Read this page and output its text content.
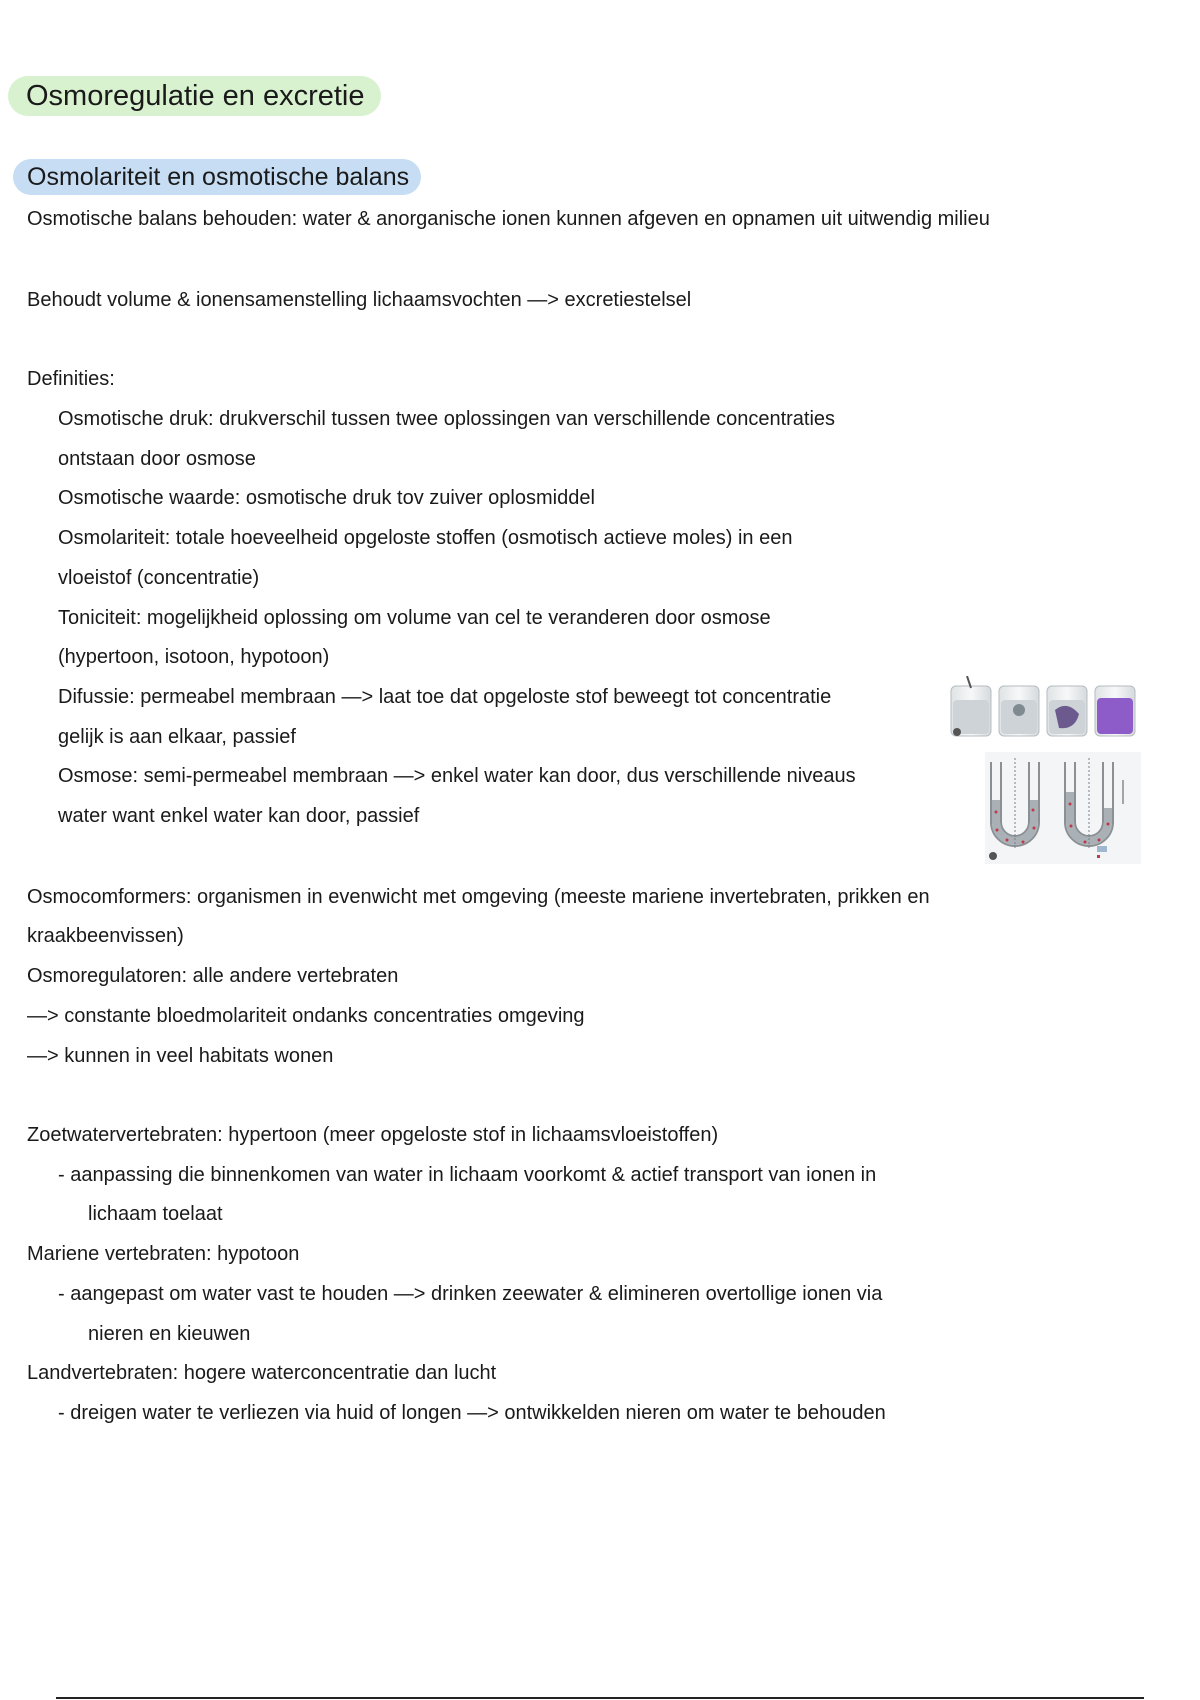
Osmoregulatie en excretie
Osmolariteit en osmotische balans
Osmotische balans behouden: water & anorganische ionen kunnen afgeven en opnamen uit uitwendig milieu
Behoudt volume & ionensamenstelling lichaamsvochten —> excretiestelsel
Definities:
Osmotische druk: drukverschil tussen twee oplossingen van verschillende concentraties
ontstaan door osmose
Osmotische waarde: osmotische druk tov zuiver oplosmiddel
Osmolariteit: totale hoeveelheid opgeloste stoffen (osmotisch actieve moles) in een
vloeistof (concentratie)
Toniciteit: mogelijkheid oplossing om volume van cel te veranderen door osmose
(hypertoon, isotoon, hypotoon)
Difussie: permeabel membraan —> laat toe dat opgeloste stof beweegt tot concentratie
gelijk is aan elkaar, passief
Osmose: semi-permeabel membraan —> enkel water kan door, dus verschillende niveaus
water want enkel water kan door, passief
Osmocomformers: organismen in evenwicht met omgeving (meeste mariene invertebraten, prikken en
kraakbeenvissen)
Osmoregulatoren: alle andere vertebraten
—> constante bloedmolariteit ondanks concentraties omgeving
—> kunnen in veel habitats wonen
Zoetwatervertebraten: hypertoon (meer opgeloste stof in lichaamsvloeistoffen)
- aanpassing die binnenkomen van water in lichaam voorkomt & actief transport van ionen in
lichaam toelaat
Mariene vertebraten: hypotoon
- aangepast om water vast te houden —> drinken zeewater & elimineren overtollige ionen via
nieren en kieuwen
Landvertebraten: hogere waterconcentratie dan lucht
- dreigen water te verliezen via huid of longen —> ontwikkelden nieren om water te behouden
